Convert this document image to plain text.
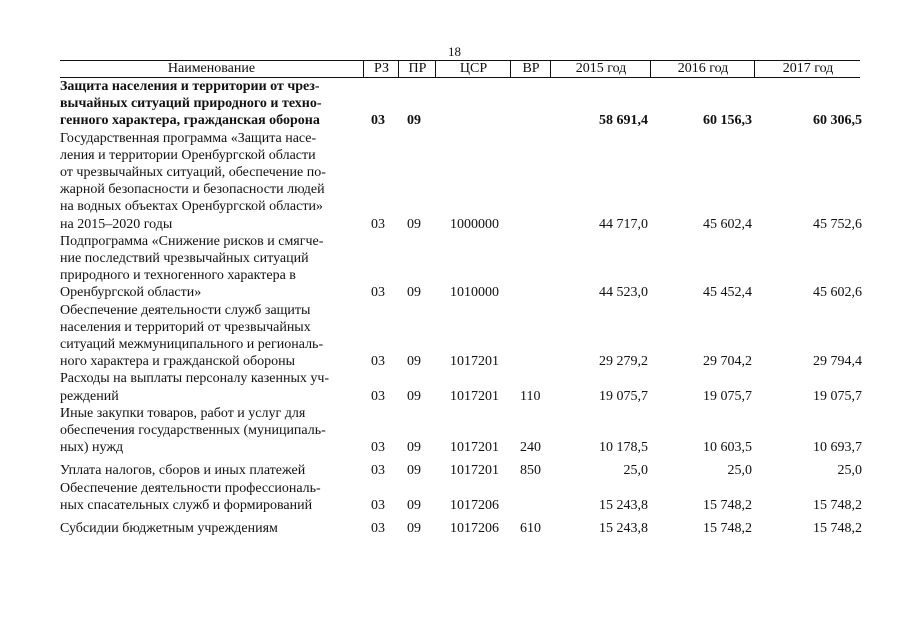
18
Наименование	РЗ	ПР	ЦСР	ВР	2015 год	2016 год	2017 год
Защита населения и территории от чрез-
вычайных ситуаций природного и техно-
генного характера, гражданская оборона	03 09	58 691,4	60 156,3	60 306,5
Государственная программа «Защита насе-
ления и территории Оренбургской области
от чрезвычайных ситуаций, обеспечение по-
жарной безопасности и безопасности людей
на водных объектах Оренбургской области»
на 2015–2020 годы	03 09 1000000	44 717,0	45 602,4	45 752,6
Подпрограмма «Снижение рисков и смягче-
ние последствий чрезвычайных ситуаций
природного и техногенного характера в
Оренбургской области»	03 09 1010000	44 523,0	45 452,4	45 602,6
Обеспечение деятельности служб защиты
населения и территорий от чрезвычайных
ситуаций межмуниципального и региональ-
ного характера и гражданской обороны	03 09 1017201	29 279,2	29 704,2	29 794,4
Расходы на выплаты персоналу казенных уч-
реждений	03 09 1017201 110	19 075,7	19 075,7	19 075,7
Иные закупки товаров, работ и услуг для
обеспечения государственных (муниципаль-
ных) нужд	03 09 1017201 240	10 178,5	10 603,5	10 693,7
Уплата налогов, сборов и иных платежей	03 09 1017201 850	25,0	25,0	25,0
Обеспечение деятельности профессиональ-
ных спасательных служб и формирований	03 09 1017206	15 243,8	15 748,2	15 748,2
Субсидии бюджетным учреждениям	03 09 1017206 610	15 243,8	15 748,2	15 748,2
